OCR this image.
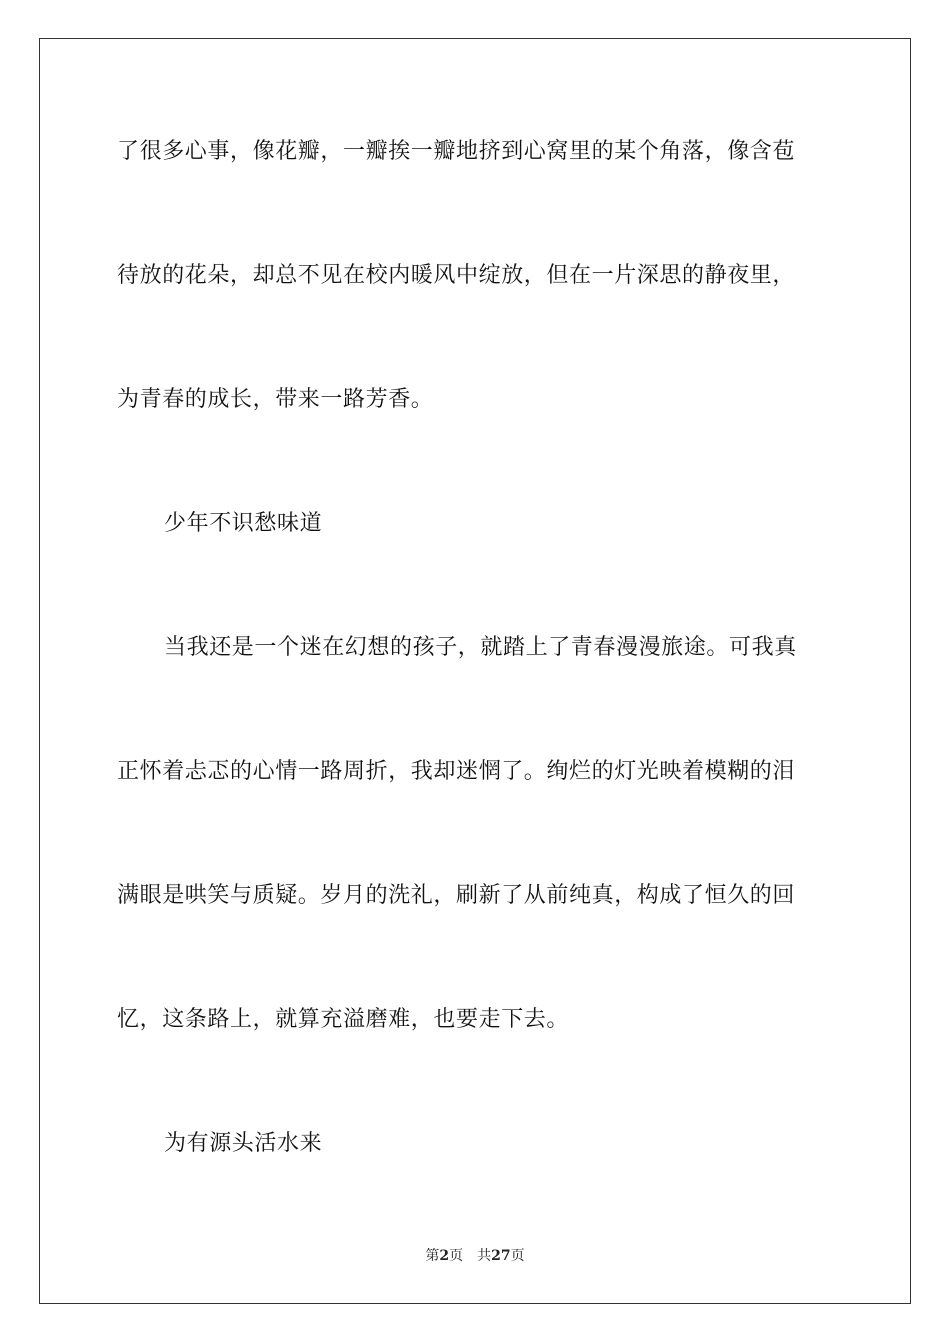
了很多心事，像花瓣，一瓣挨一瓣地挤到心窝里的某个角落，像含苞
待放的花朵，却总不见在校内暖风中绽放，但在一片深思的静夜里，
为青春的成长，带来一路芳香。
少年不识愁味道
当我还是一个迷在幻想的孩子，就踏上了青春漫漫旅途。可我真
正怀着忐忑的心情一路周折，我却迷惘了。绚烂的灯光映着模糊的泪
满眼是哄笑与质疑。岁月的洗礼，刷新了从前纯真，构成了恒久的回
忆，这条路上，就算充溢磨难，也要走下去。
为有源头活水来
第2页 共27页
